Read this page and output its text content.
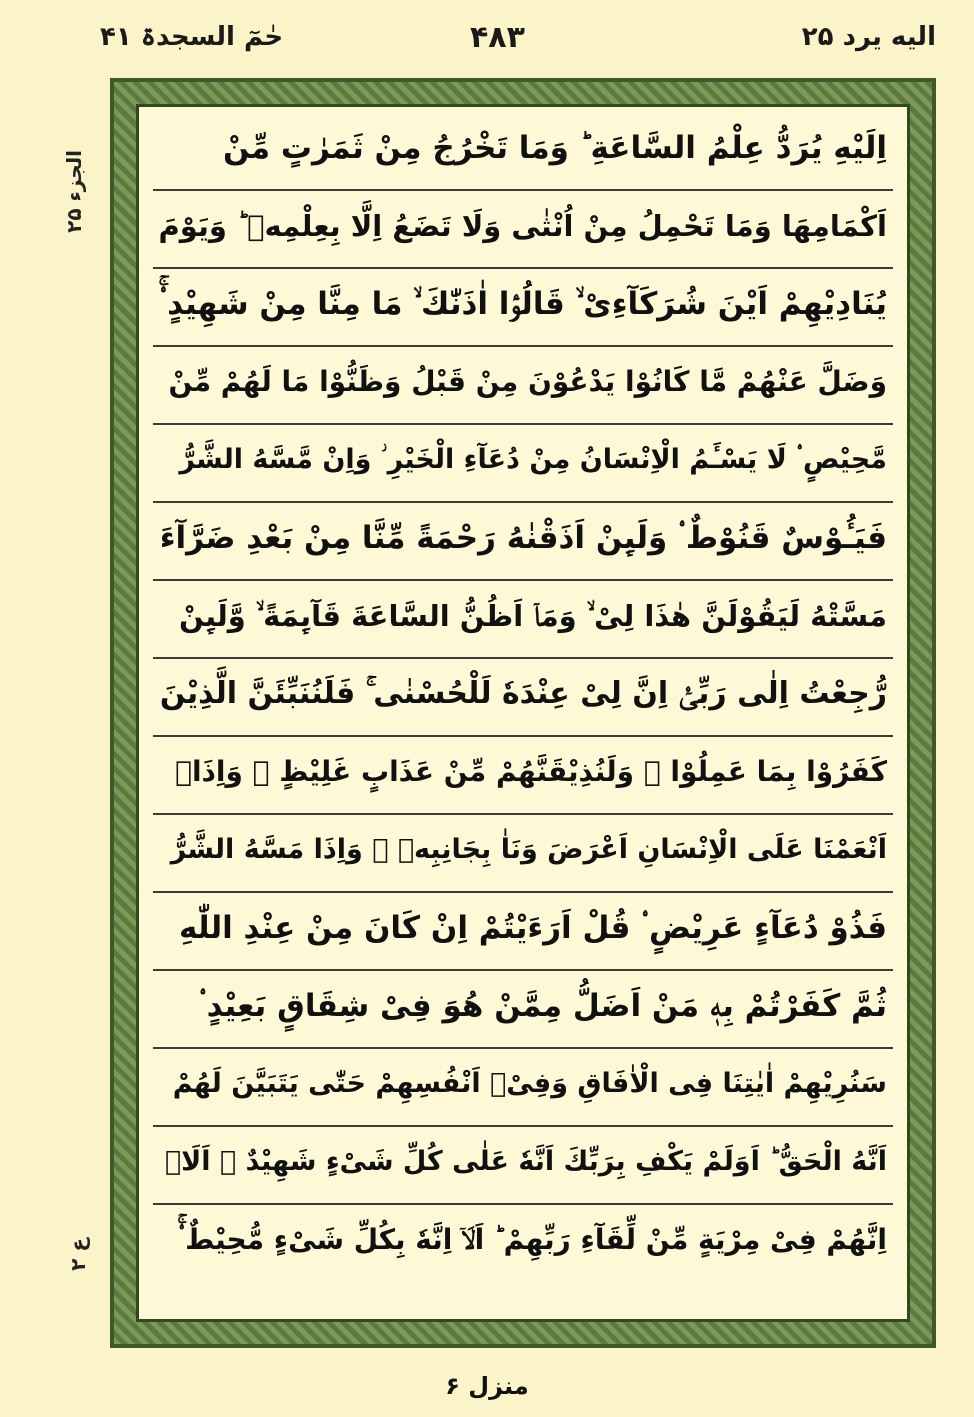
الیه یرد ۲۵
۴۸۳
حٰمٓ السجدۃ ۴۱
الجزء ۲۵
ع ۲
اِلَیْهِ یُرَدُّ عِلْمُ السَّاعَةِ ؕ وَمَا تَخْرُجُ مِنْ ثَمَرٰتٍ مِّنْ
اَكْمَامِهَا وَمَا تَحْمِلُ مِنْ اُنْثٰى وَلَا تَضَعُ اِلَّا بِعِلْمِهٖ ؕ وَیَوْمَ
یُنَادِیْهِمْ اَیْنَ شُرَكَآءِیْ ۙ قَالُوْۤا اٰذَنّٰكَ ۙ مَا مِنَّا مِنْ شَهِیْدٍ ۟ۚ
وَضَلَّ عَنْهُمْ مَّا كَانُوْا یَدْعُوْنَ مِنْ قَبْلُ وَظَنُّوْا مَا لَهُمْ مِّنْ
مَّحِیْصٍ ۟ لَا یَسْـَٔمُ الْاِنْسَانُ مِنْ دُعَآءِ الْخَیْرِ ؗ وَاِنْ مَّسَّهُ الشَّرُّ
فَیَـُٔوْسٌ قَنُوْطٌ ۟ وَلَىِٕنْ اَذَقْنٰهُ رَحْمَةً مِّنَّا مِنْ بَعْدِ ضَرَّآءَ
مَسَّتْهُ لَیَقُوْلَنَّ هٰذَا لِیْ ۙ وَمَاۤ اَظُنُّ السَّاعَةَ قَآىِٕمَةً ۙ وَّلَىِٕنْ
رُّجِعْتُ اِلٰى رَبِّیْۤ اِنَّ لِیْ عِنْدَهٗ لَلْحُسْنٰى ۚ فَلَنُنَبِّئَنَّ الَّذِیْنَ
كَفَرُوْا بِمَا عَمِلُوْا ؗ وَلَنُذِیْقَنَّهُمْ مِّنْ عَذَابٍ غَلِیْظٍ ۟ وَاِذَاۤ
اَنْعَمْنَا عَلَى الْاِنْسَانِ اَعْرَضَ وَنَاٰ بِجَانِبِهٖ ۚ وَاِذَا مَسَّهُ الشَّرُّ
فَذُوْ دُعَآءٍ عَرِیْضٍ ۟ قُلْ اَرَءَیْتُمْ اِنْ كَانَ مِنْ عِنْدِ اللّٰهِ
ثُمَّ كَفَرْتُمْ بِهٖ مَنْ اَضَلُّ مِمَّنْ هُوَ فِیْ شِقَاقٍ بَعِیْدٍ ۟
سَنُرِیْهِمْ اٰیٰتِنَا فِی الْاٰفَاقِ وَفِیْۤ اَنْفُسِهِمْ حَتّٰى یَتَبَیَّنَ لَهُمْ
اَنَّهُ الْحَقُّ ؕ اَوَلَمْ یَكْفِ بِرَبِّكَ اَنَّهٗ عَلٰى كُلِّ شَیْءٍ شَهِیْدٌ ۟ اَلَاۤ
اِنَّهُمْ فِیْ مِرْیَةٍ مِّنْ لِّقَآءِ رَبِّهِمْ ؕ اَلَاۤ اِنَّهٗ بِكُلِّ شَیْءٍ مُّحِیْطٌ ۟ۚ
منزل ۶
